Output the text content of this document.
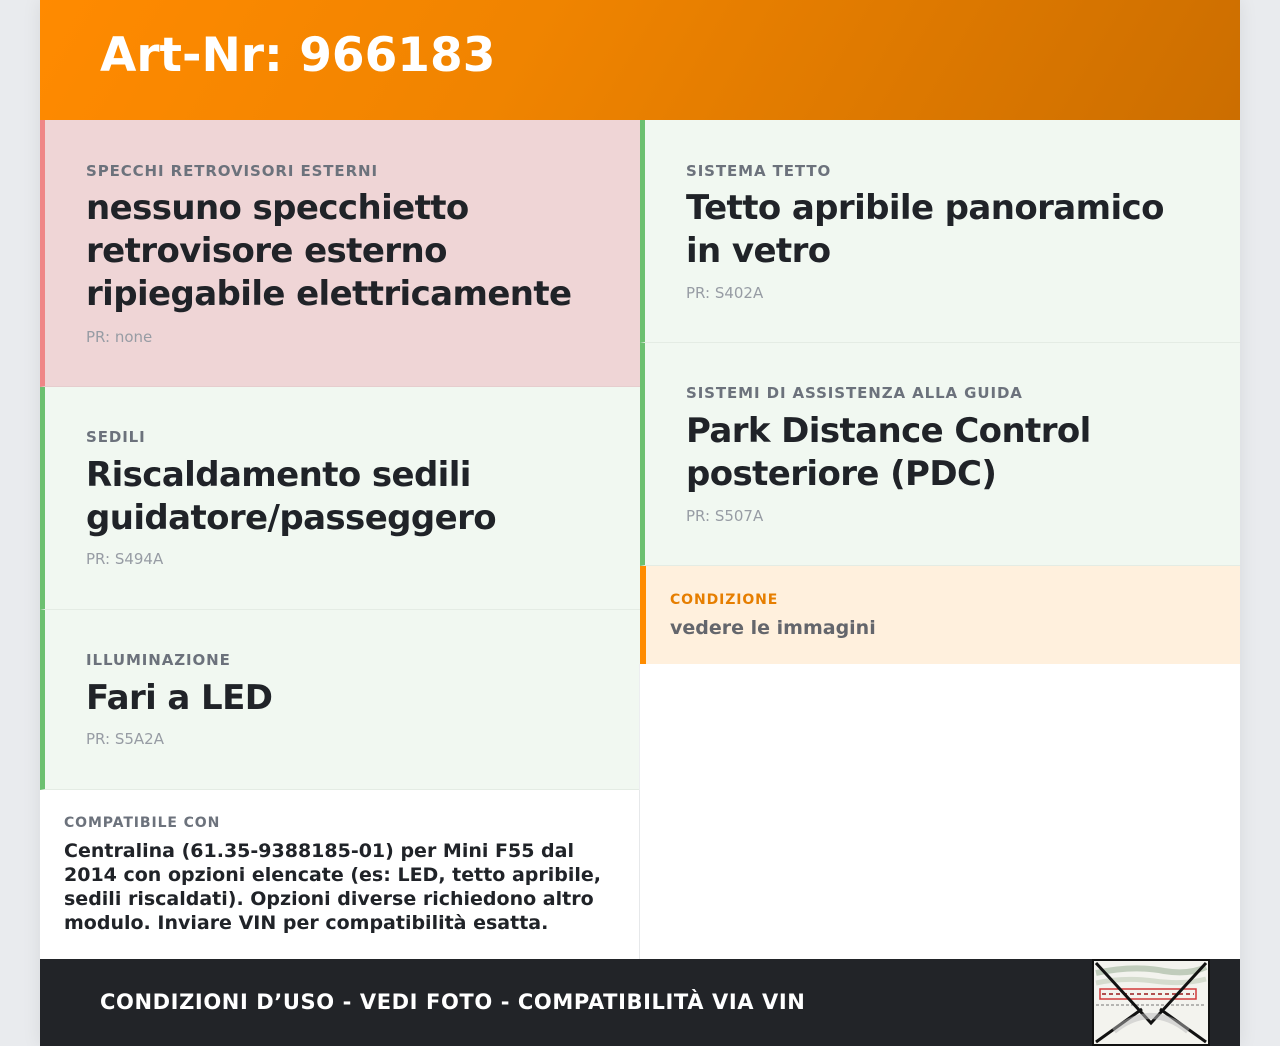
Art-Nr: 966183
SPECCHI RETROVISORI ESTERNI
nessuno specchietto retrovisore esterno ripiegabile elettricamente
PR: none
SEDILI
Riscaldamento sedili guidatore/passeggero
PR: S494A
ILLUMINAZIONE
Fari a LED
PR: S5A2A
SISTEMA TETTO
Tetto apribile panoramico in vetro
PR: S402A
SISTEMI DI ASSISTENZA ALLA GUIDA
Park Distance Control posteriore (PDC)
PR: S507A
CONDIZIONE
vedere le immagini
COMPATIBILE CON
Centralina (61.35-9388185-01) per Mini F55 dal 2014 con opzioni elencate (es: LED, tetto apribile, sedili riscaldati). Opzioni diverse richiedono altro modulo. Inviare VIN per compatibilità esatta.
CONDIZIONI D’USO - VEDI FOTO - COMPATIBILITÀ VIA VIN
